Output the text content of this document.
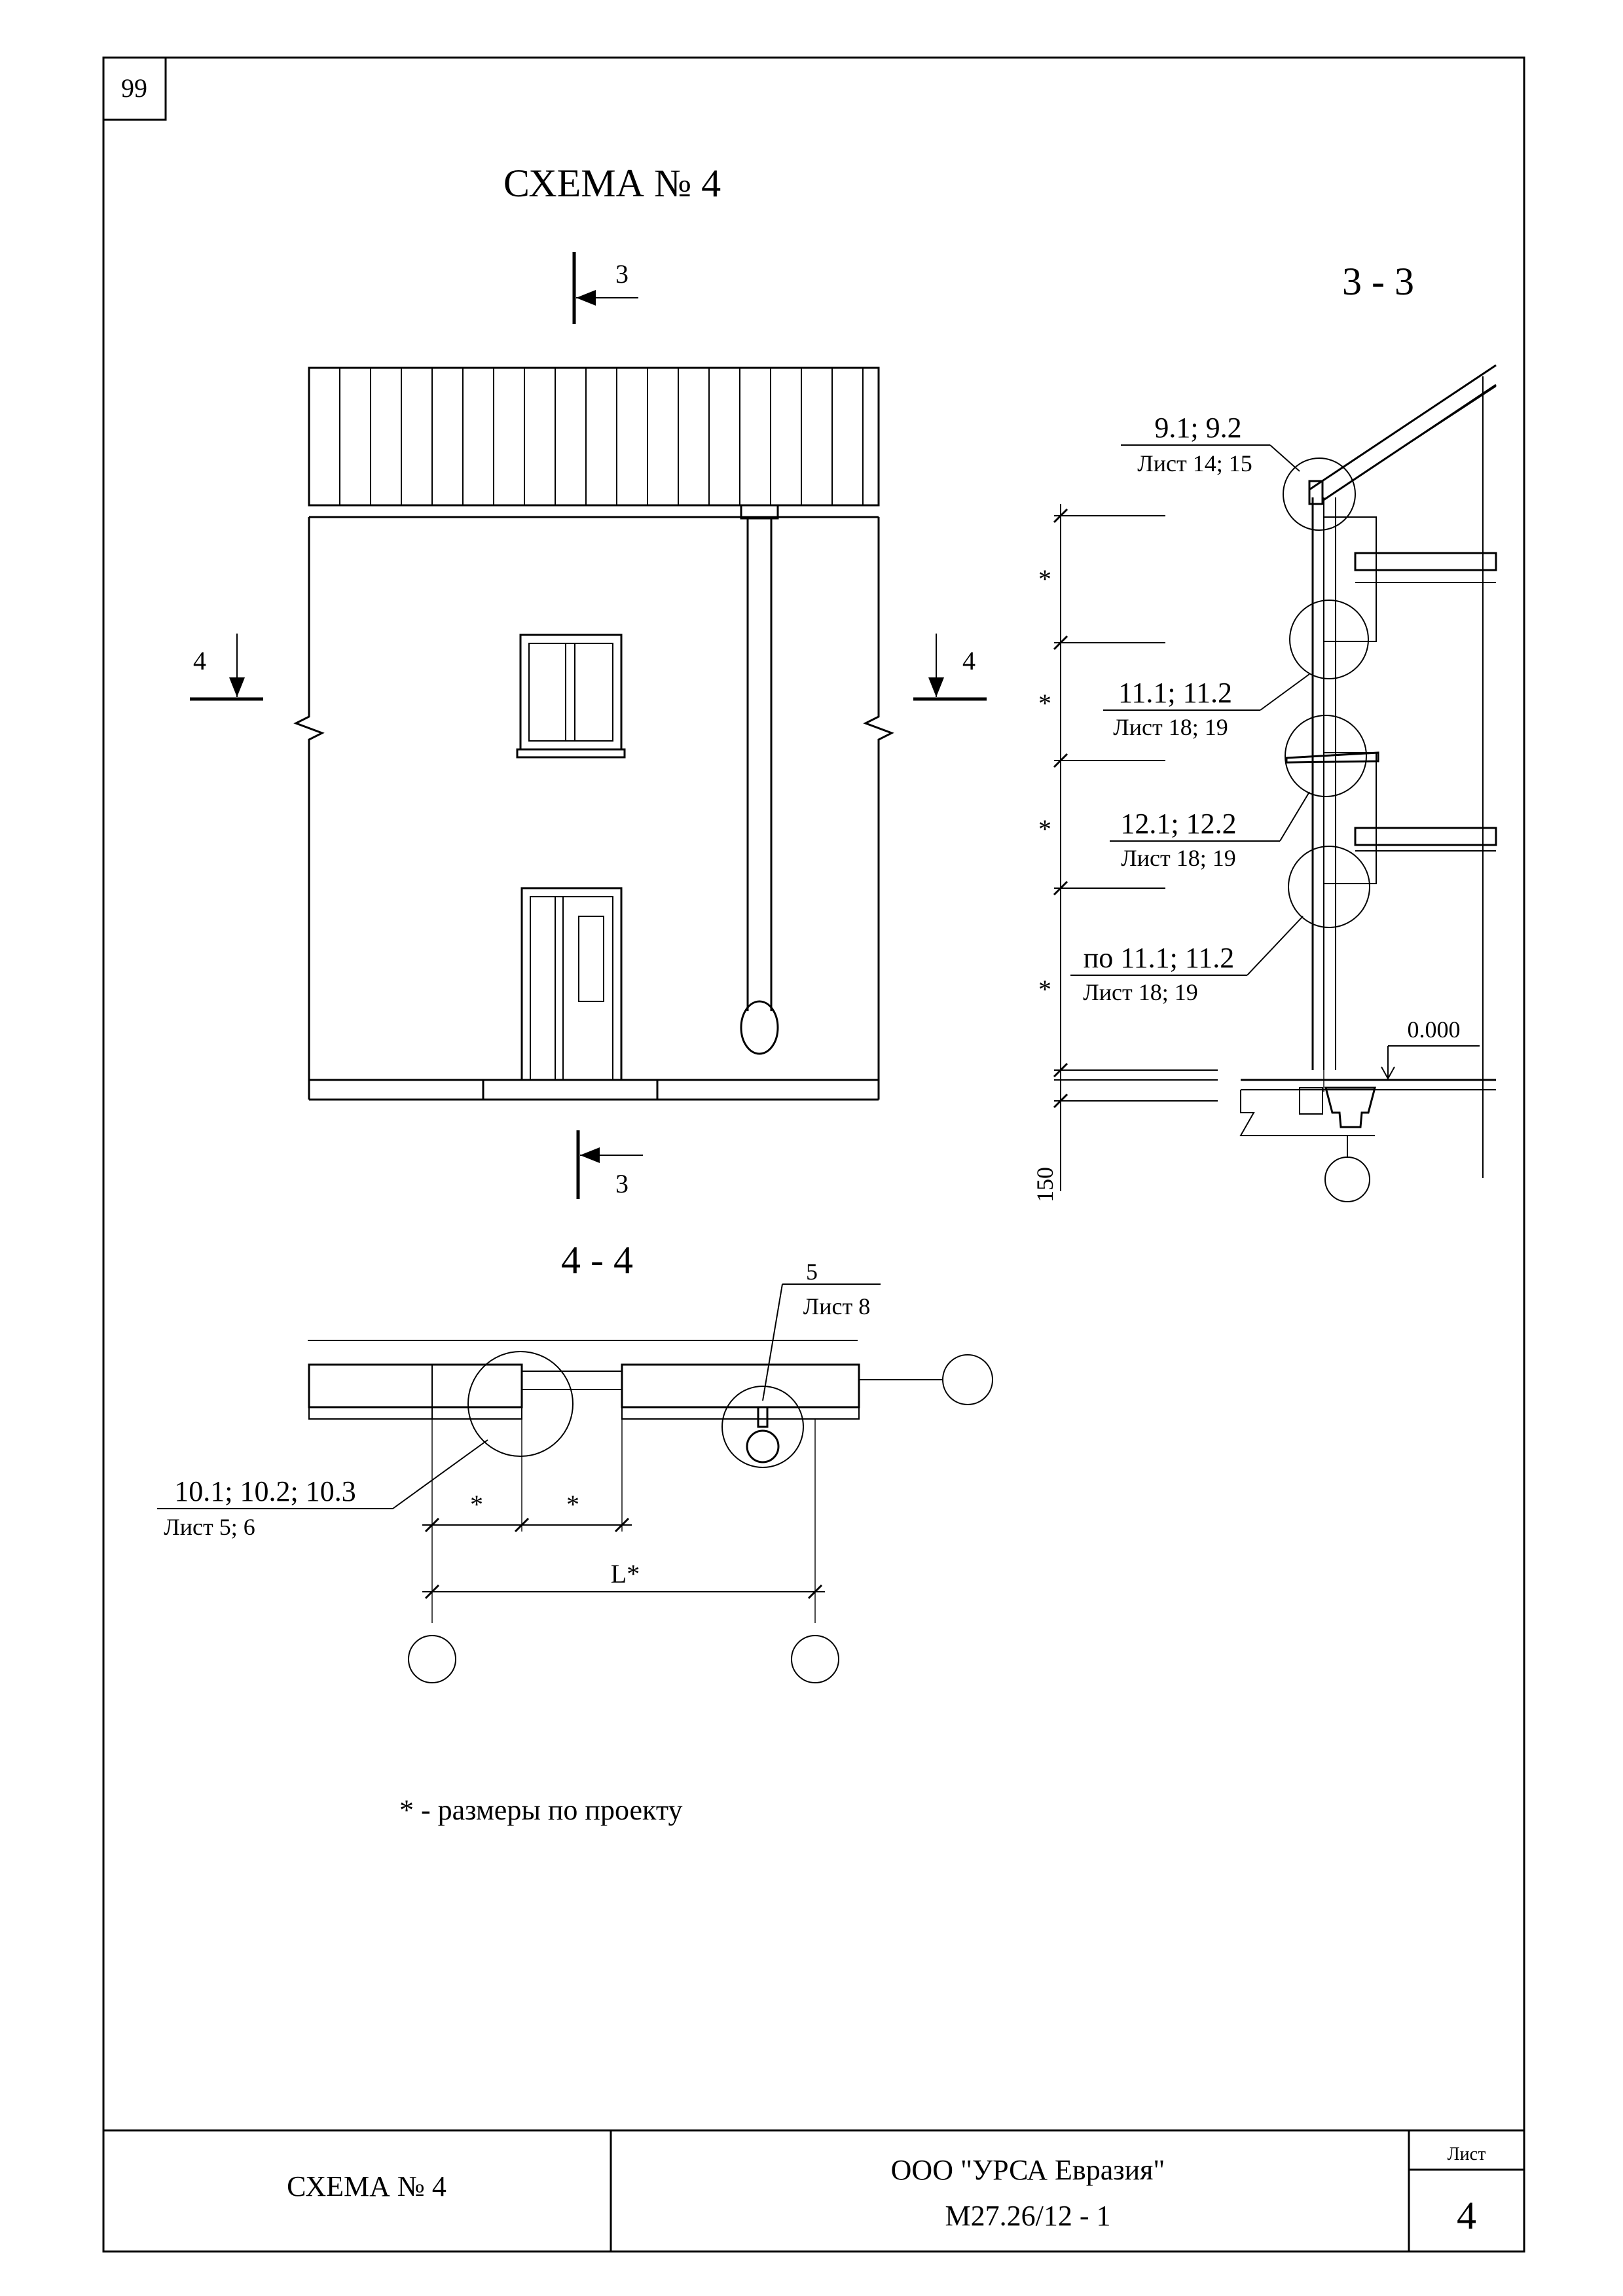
99
СХЕМА № 4
3
3
4	4
3 - 3
*
*
*
*
150
0.000
9.1; 9.2
Лист 14; 15
11.1; 11.2
Лист 18; 19
12.1; 12.2
Лист 18; 19
по 11.1; 11.2
Лист 18; 19
4 - 4
*	*
L*
10.1; 10.2; 10.3
Лист 5; 6
5
Лист 8
* - размеры по проекту
СХЕМА № 4
ООО "УРСА Евразия"
М27.26/12 - 1
Лист
4
